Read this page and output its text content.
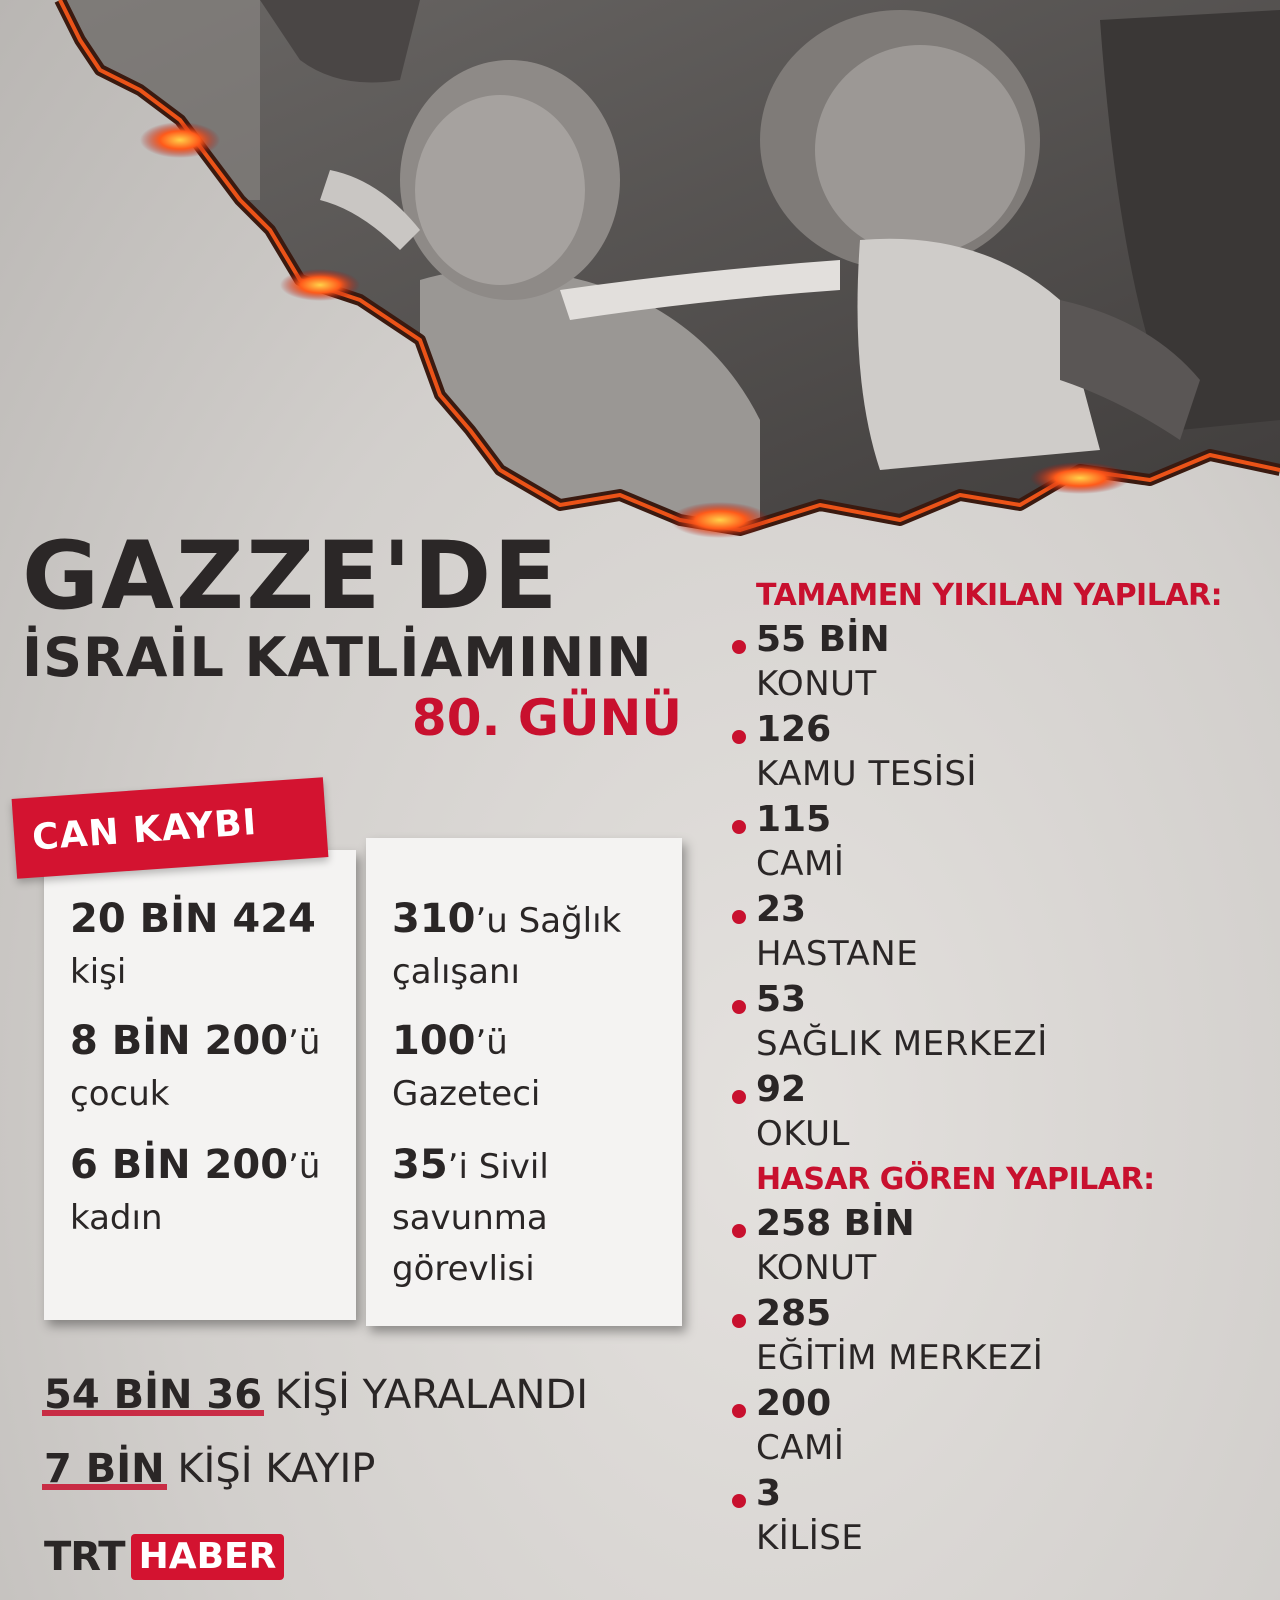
GAZZE'DE
İSRAİL KATLİAMININ
80. GÜNÜ
20 BİN 424
kişi
8 BİN 200’ü
çocuk
6 BİN 200’ü
kadın
310’u Sağlık
çalışanı
100’ü
Gazeteci
35’i Sivil
savunma
görevlisi
CAN KAYBI
54 BİN 36 KİŞİ YARALANDI
7 BİN KİŞİ KAYIP
TRT HABER
TAMAMEN YIKILAN YAPILAR:
55 BİN
KONUT
126
KAMU TESİSİ
115
CAMİ
23
HASTANE
53
SAĞLIK MERKEZİ
92
OKUL
HASAR GÖREN YAPILAR:
258 BİN
KONUT
285
EĞİTİM MERKEZİ
200
CAMİ
3
KİLİSE
